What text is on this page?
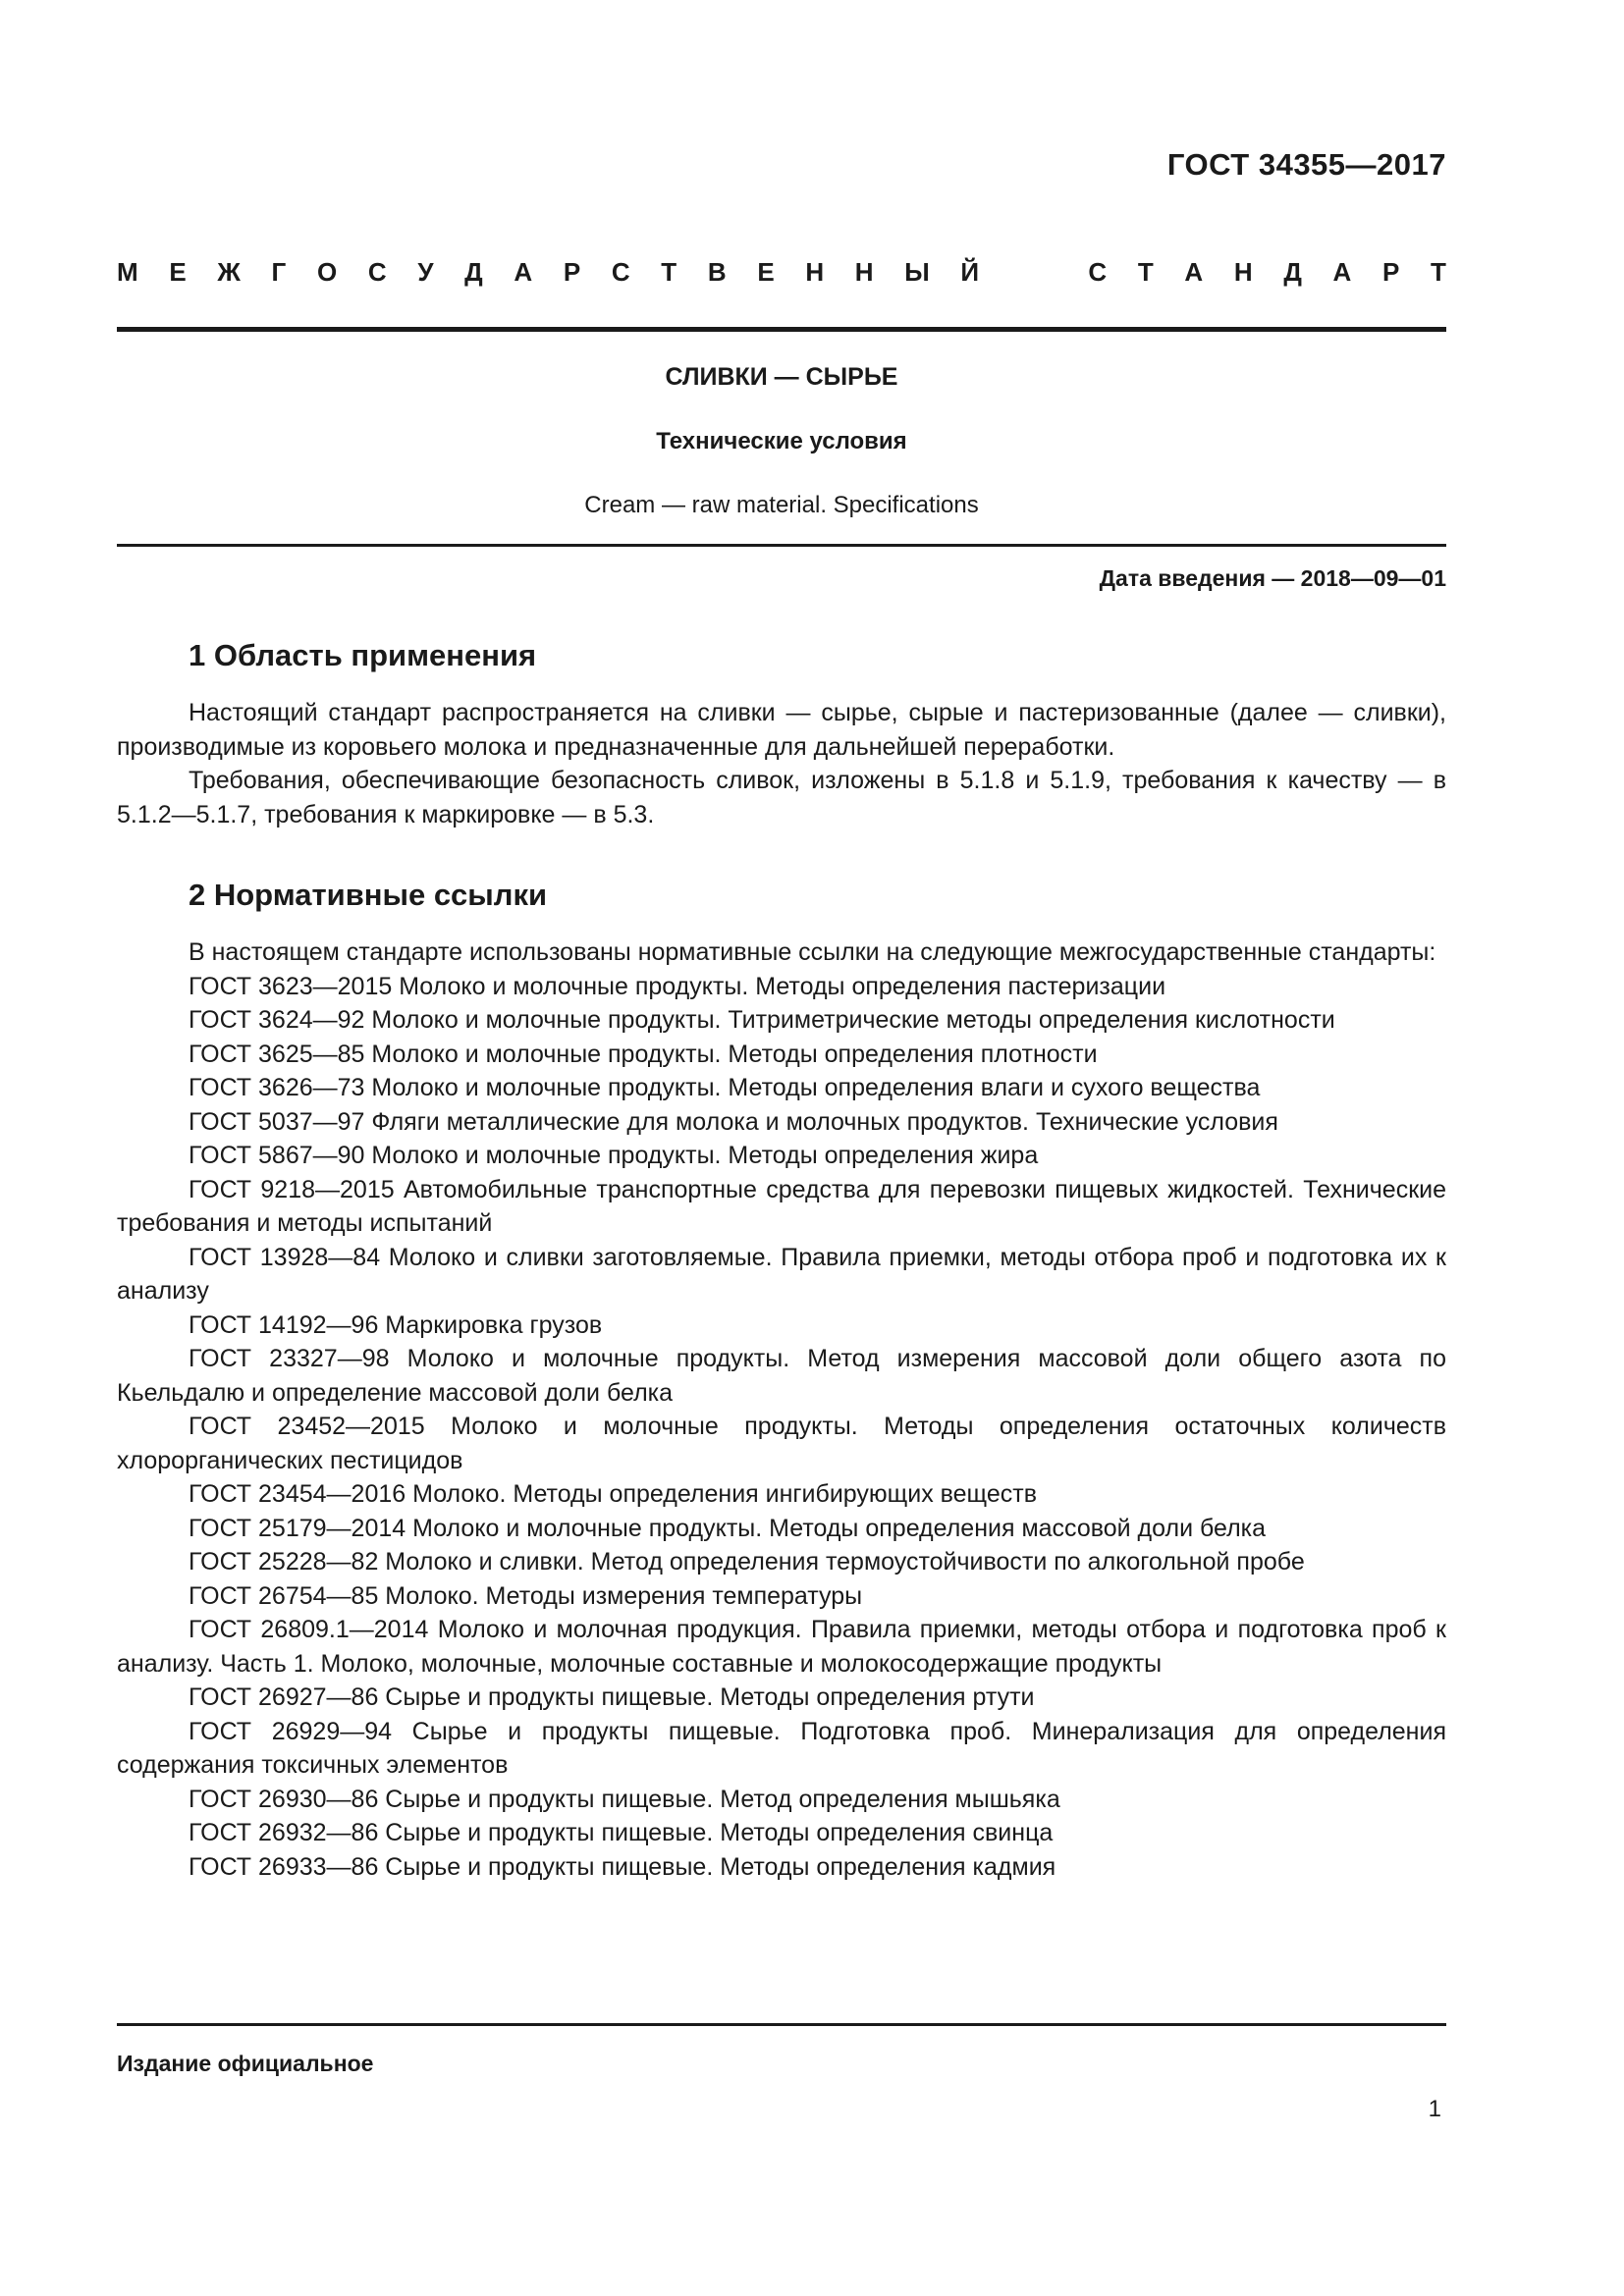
ГОСТ 34355—2017
М Е Ж Г О С У Д А Р С Т В Е Н Н Ы Й	С Т А Н Д А Р Т
СЛИВКИ — СЫРЬЕ
Технические условия
Cream — raw material. Specifications
Дата введения — 2018—09—01
1 Область применения

Настоящий стандарт распространяется на сливки — сырье, сырые и пастеризованные (далее — сливки), производимые из коровьего молока и предназначенные для дальнейшей переработки.

Требования, обеспечивающие безопасность сливок, изложены в 5.1.8 и 5.1.9, требования к качеству — в 5.1.2—5.1.7, требования к маркировке — в 5.3.

2 Нормативные ссылки

В настоящем стандарте использованы нормативные ссылки на следующие межгосударственные стандарты:

ГОСТ 3623—2015 Молоко и молочные продукты. Методы определения пастеризации

ГОСТ 3624—92 Молоко и молочные продукты. Титриметрические методы определения кислотности

ГОСТ 3625—85 Молоко и молочные продукты. Методы определения плотности

ГОСТ 3626—73 Молоко и молочные продукты. Методы определения влаги и сухого вещества

ГОСТ 5037—97 Фляги металлические для молока и молочных продуктов. Технические условия

ГОСТ 5867—90 Молоко и молочные продукты. Методы определения жира

ГОСТ 9218—2015 Автомобильные транспортные средства для перевозки пищевых жидкостей. Технические требования и методы испытаний

ГОСТ 13928—84 Молоко и сливки заготовляемые. Правила приемки, методы отбора проб и подготовка их к анализу

ГОСТ 14192—96 Маркировка грузов

ГОСТ 23327—98 Молоко и молочные продукты. Метод измерения массовой доли общего азота по Кьельдалю и определение массовой доли белка

ГОСТ 23452—2015 Молоко и молочные продукты. Методы определения остаточных количеств хлорорганических пестицидов

ГОСТ 23454—2016 Молоко. Методы определения ингибирующих веществ

ГОСТ 25179—2014 Молоко и молочные продукты. Методы определения массовой доли белка

ГОСТ 25228—82 Молоко и сливки. Метод определения термоустойчивости по алкогольной пробе

ГОСТ 26754—85 Молоко. Методы измерения температуры

ГОСТ 26809.1—2014 Молоко и молочная продукция. Правила приемки, методы отбора и подготовка проб к анализу. Часть 1. Молоко, молочные, молочные составные и молокосодержащие продукты

ГОСТ 26927—86 Сырье и продукты пищевые. Методы определения ртути

ГОСТ 26929—94 Сырье и продукты пищевые. Подготовка проб. Минерализация для определения содержания токсичных элементов

ГОСТ 26930—86 Сырье и продукты пищевые. Метод определения мышьяка

ГОСТ 26932—86 Сырье и продукты пищевые. Методы определения свинца

ГОСТ 26933—86 Сырье и продукты пищевые. Методы определения кадмия

Издание официальное
1
